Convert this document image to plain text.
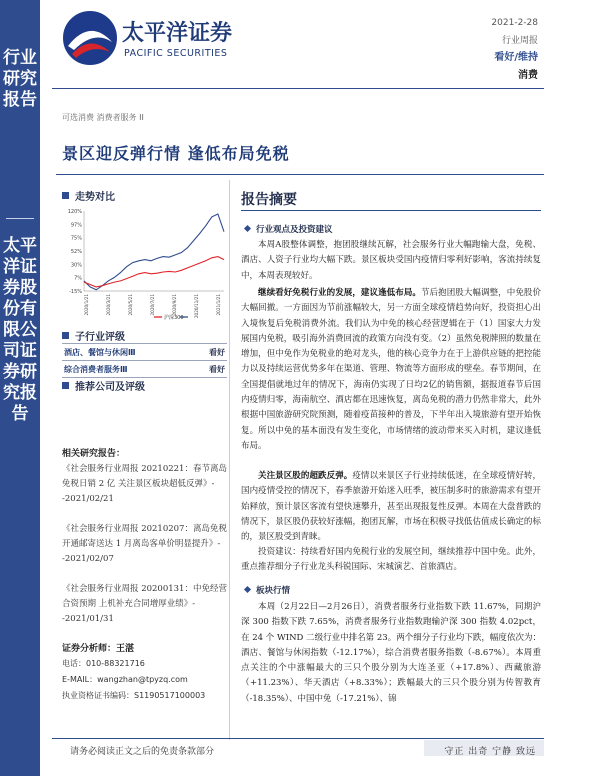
行业研究报告
太平洋证券股份有限公司证券研究报告
太平洋证券
PACIFIC SECURITIES
2021-2-28
行业周报
看好/维持
消费
可选消费 消费者服务 II
景区迎反弹行情 逢低布局免税
走势对比
120%
97%
75%
52%
30%
7%
-15%
2020/1/21	2020/3/21	2020/5/21	2020/7/21	2020/9/21	2020/11/21	2021/1/21
沪深300
子行业评级
酒店、餐馆与休闲Ⅲ	看好
综合消费者服务Ⅲ	看好
推荐公司及评级
相关研究报告：
《社会服务行业周报 20210221：春节离岛免税日销 2 亿 关注景区板块超低反弹》--2021/02/21
《社会服务行业周报 20210207：离岛免税开通邮寄送达 1 月离岛客单价明显提升》--2021/02/07
《社会服务行业周报 20200131：中免经营合资预期 上机补充合同增厚业绩》--2021/01/31
证券分析师：王湛
电话：010-88321716
E-MAIL：wangzhan@tpyzq.com
执业资格证书编码：S1190517100003
报告摘要
行业观点及投资建议

本周A股整体调整，抱团股继续瓦解，社会服务行业大幅跑输大盘，免税、酒店、人资子行业均大幅下跌。景区板块受国内疫情归零利好影响，客流持续复中，本周表现较好。

继续看好免税行业的发展，建议逢低布局。节后抱团股大幅调整，中免股价大幅回撤。一方面因为节前涨幅较大，另一方面全球疫情趋势向好，投资担心出入境恢复后免税消费外流。我们认为中免的核心经营逻辑在于（1）国家大力发展国内免税，吸引海外消费回流的政策方向没有变。（2）虽然免税牌照的数量在增加，但中免作为免税业的绝对龙头，他的核心竞争力在于上游供应链的把控能力以及持续运营优势多年在渠道、管理、物流等方面形成的壁垒。春节期间，在全国提倡就地过年的情况下，海南仍实现了日均2亿的销售额，据报道春节后国内疫情归零，海南航空、酒店都在迅速恢复，离岛免税的潜力仍然非常大，此外根据中国旅游研究院预测，随着疫苗接种的普及，下半年出入境旅游有望开始恢复。所以中免的基本面没有发生变化，市场情绪的波动带来买入时机，建议逢低布局。

关注景区股的超跌反弹。疫情以来景区子行业持续低迷，在全球疫情好转，国内疫情受控的情况下，春季旅游开始迷入旺季，被压制多时的旅游需求有望开始释放，预计景区客流有望快速攀升，甚至出现报复性反弹。本周在大盘普跌的情况下，景区股仍获较好涨幅，抱团瓦解，市场在积极寻找低估值成长确定的标的，景区股受到青睐。

投资建议：持续看好国内免税行业的发展空间，继续推荐中国中免。此外，重点推荐细分子行业龙头科锐国际、宋城演艺、首旅酒店。

板块行情

本周（2月22日—2月26日），消费者服务行业指数下跌 11.67%，同期沪深 300 指数下跌 7.65%，消费者服务行业指数跑输沪深 300 指数 4.02pct，在 24 个 WIND 二级行业中排名第 23。两个细分子行业均下跌，幅度依次为：酒店、餐馆与休闲指数（-12.17%），综合消费者服务指数（-8.67%）。本周重点关注的个中涨幅最大的三只个股分别为大连圣亚（+17.8%）、西藏旅游（+11.23%）、华天酒店（+8.33%）；跌幅最大的三只个股分别为传智教育（-18.35%）、中国中免（-17.21%）、锦

请务必阅读正文之后的免责条款部分	守正 出奇 宁静 致远
